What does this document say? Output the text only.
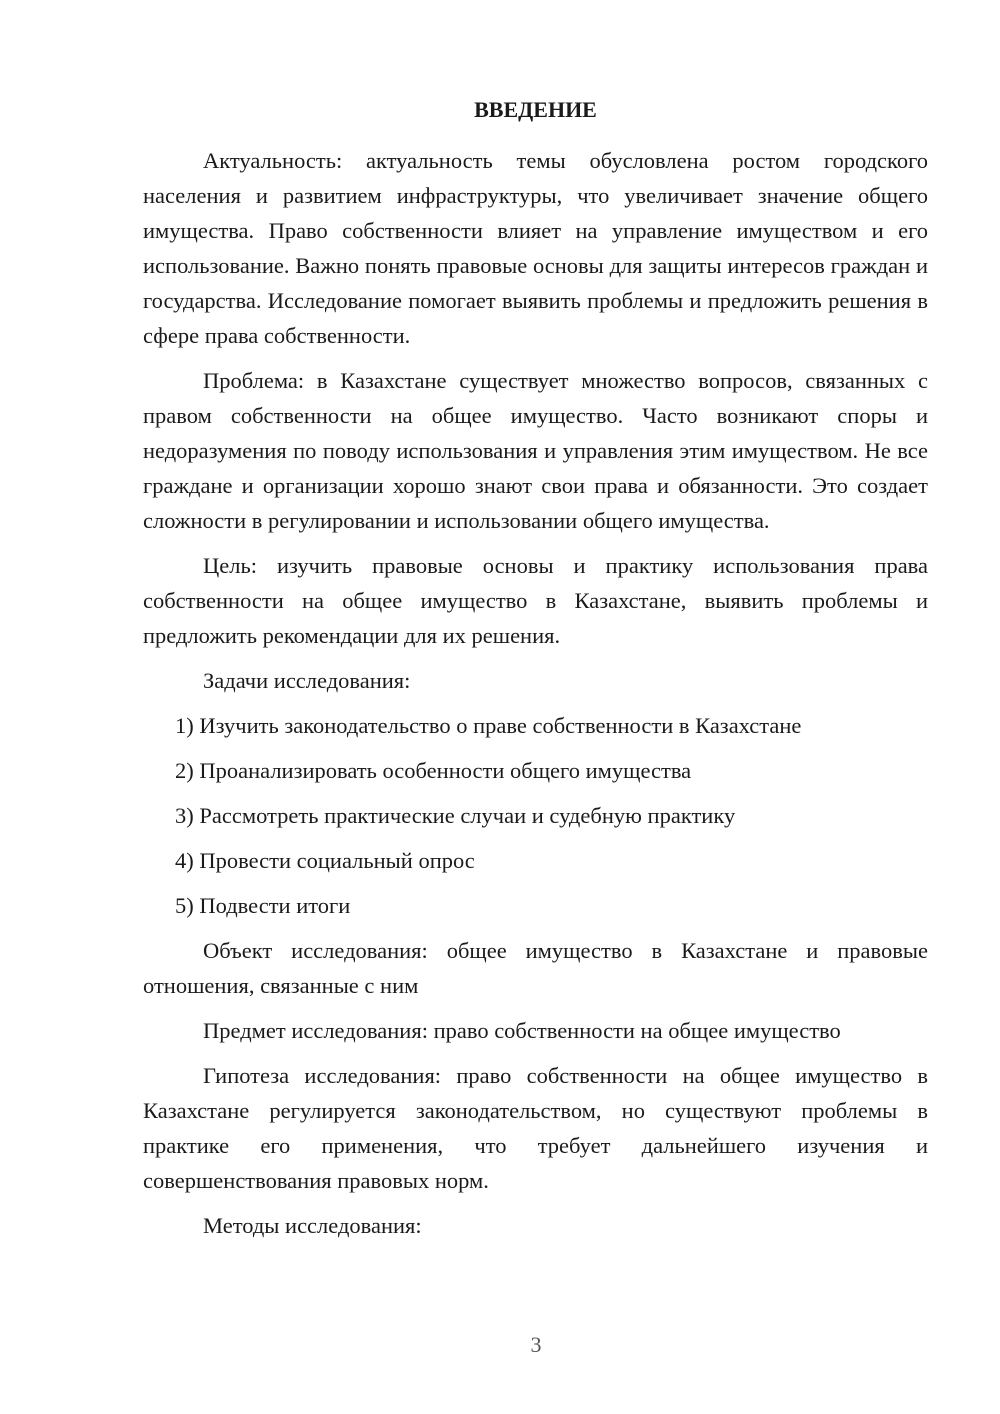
ВВЕДЕНИЕ

Актуальность: актуальность темы обусловлена ростом городского населения и развитием инфраструктуры, что увеличивает значение общего имущества. Право собственности влияет на управление имуществом и его использование. Важно понять правовые основы для защиты интересов граждан и государства. Исследование помогает выявить проблемы и предложить решения в сфере права собственности.

Проблема: в Казахстане существует множество вопросов, связанных с правом собственности на общее имущество. Часто возникают споры и недоразумения по поводу использования и управления этим имуществом. Не все граждане и организации хорошо знают свои права и обязанности. Это создает сложности в регулировании и использовании общего имущества.

Цель: изучить правовые основы и практику использования права собственности на общее имущество в Казахстане, выявить проблемы и предложить рекомендации для их решения.

Задачи исследования:

1) Изучить законодательство о праве собственности в Казахстане

2) Проанализировать особенности общего имущества

3) Рассмотреть практические случаи и судебную практику

4) Провести социальный опрос

5) Подвести итоги

Объект исследования: общее имущество в Казахстане и правовые отношения, связанные с ним

Предмет исследования: право собственности на общее имущество

Гипотеза исследования: право собственности на общее имущество в Казахстане регулируется законодательством, но существуют проблемы в практике его применения, что требует дальнейшего изучения и совершенствования правовых норм.

Методы исследования:

3
